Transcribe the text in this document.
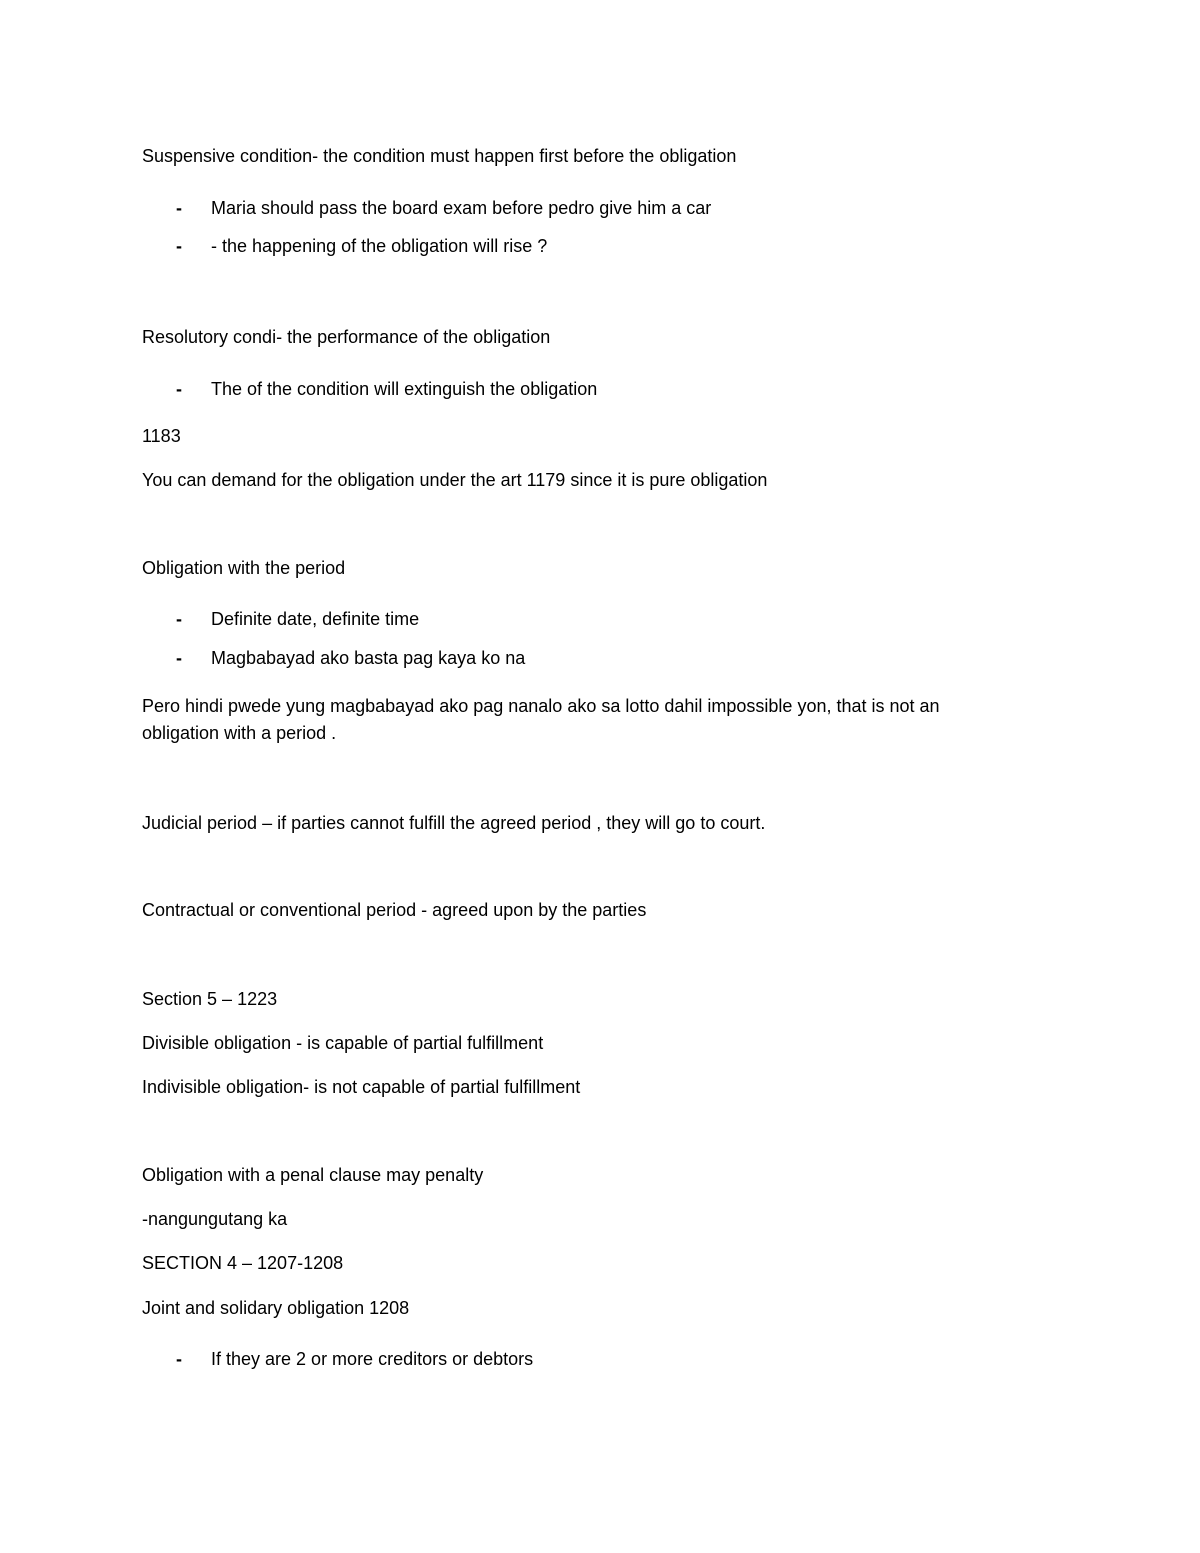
Suspensive condition- the condition must happen first before the obligation
- Maria should pass the board exam before pedro give him a car
- - the happening of the obligation will rise ?
Resolutory condi- the performance of the obligation
- The of the condition will extinguish the obligation
1183
You can demand for the obligation under the art 1179 since it is pure obligation
Obligation with the period
- Definite date, definite time
- Magbabayad ako basta pag kaya ko na
Pero hindi pwede yung magbabayad ako pag nanalo ako sa lotto dahil impossible yon, that is not an
obligation with a period .
Judicial period – if parties cannot fulfill the agreed period , they will go to court.
Contractual or conventional period - agreed upon by the parties
Section 5 – 1223
Divisible obligation - is capable of partial fulfillment
Indivisible obligation- is not capable of partial fulfillment
Obligation with a penal clause may penalty
-nangungutang ka
SECTION 4 – 1207-1208
Joint and solidary obligation 1208
- If they are 2 or more creditors or debtors
